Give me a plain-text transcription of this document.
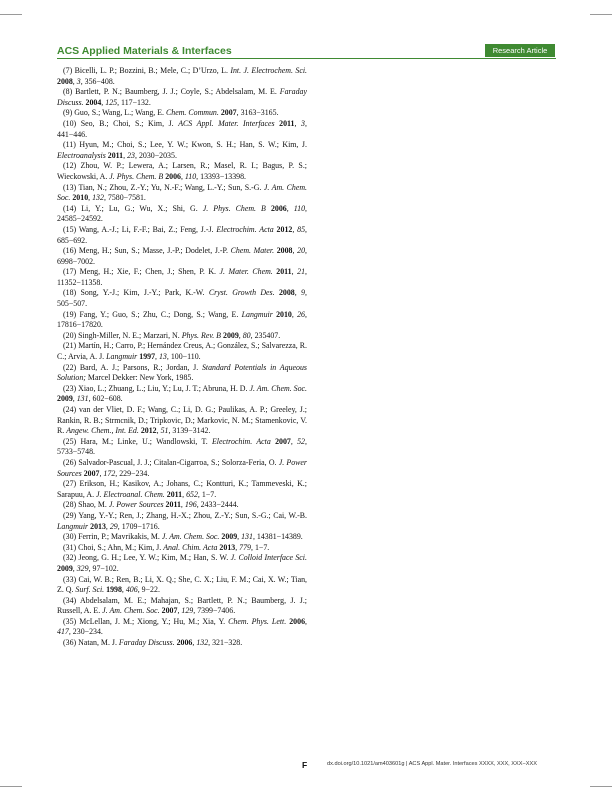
ACS Applied Materials & Interfaces	Research Article
(7) Bicelli, L. P.; Bozzini, B.; Mele, C.; D’Urzo, L. Int. J. Electrochem. Sci. 2008, 3, 356−408.
(8) Bartlett, P. N.; Baumberg, J. J.; Coyle, S.; Abdelsalam, M. E. Faraday Discuss. 2004, 125, 117−132.
(9) Guo, S.; Wang, L.; Wang, E. Chem. Commun. 2007, 3163−3165.
(10) Seo, B.; Choi, S.; Kim, J. ACS Appl. Mater. Interfaces 2011, 3, 441−446.
(11) Hyun, M.; Choi, S.; Lee, Y. W.; Kwon, S. H.; Han, S. W.; Kim, J. Electroanalysis 2011, 23, 2030−2035.
(12) Zhou, W. P.; Lewera, A.; Larsen, R.; Masel, R. I.; Bagus, P. S.; Wieckowski, A. J. Phys. Chem. B 2006, 110, 13393−13398.
(13) Tian, N.; Zhou, Z.-Y.; Yu, N.-F.; Wang, L.-Y.; Sun, S.-G. J. Am. Chem. Soc. 2010, 132, 7580−7581.
(14) Li, Y.; Lu, G.; Wu, X.; Shi, G. J. Phys. Chem. B 2006, 110, 24585−24592.
(15) Wang, A.-J.; Li, F.-F.; Bai, Z.; Feng, J.-J. Electrochim. Acta 2012, 85, 685−692.
(16) Meng, H.; Sun, S.; Masse, J.-P.; Dodelet, J.-P. Chem. Mater. 2008, 20, 6998−7002.
(17) Meng, H.; Xie, F.; Chen, J.; Shen, P. K. J. Mater. Chem. 2011, 21, 11352−11358.
(18) Song, Y.-J.; Kim, J.-Y.; Park, K.-W. Cryst. Growth Des. 2008, 9, 505−507.
(19) Fang, Y.; Guo, S.; Zhu, C.; Dong, S.; Wang, E. Langmuir 2010, 26, 17816−17820.
(20) Singh-Miller, N. E.; Marzari, N. Phys. Rev. B 2009, 80, 235407.
(21) Martín, H.; Carro, P.; Hernández Creus, A.; González, S.; Salvarezza, R. C.; Arvia, A. J. Langmuir 1997, 13, 100−110.
(22) Bard, A. J.; Parsons, R.; Jordan, J. Standard Potentials in Aqueous Solution; Marcel Dekker: New York, 1985.
(23) Xiao, L.; Zhuang, L.; Liu, Y.; Lu, J. T.; Abruna, H. D. J. Am. Chem. Soc. 2009, 131, 602−608.
(24) van der Vliet, D. F.; Wang, C.; Li, D. G.; Paulikas, A. P.; Greeley, J.; Rankin, R. B.; Strmcnik, D.; Tripkovic, D.; Markovic, N. M.; Stamenkovic, V. R. Angew. Chem., Int. Ed. 2012, 51, 3139−3142.
(25) Hara, M.; Linke, U.; Wandlowski, T. Electrochim. Acta 2007, 52, 5733−5748.
(26) Salvador-Pascual, J. J.; Citalan-Cigarroa, S.; Solorza-Feria, O. J. Power Sources 2007, 172, 229−234.
(27) Erikson, H.; Kasikov, A.; Johans, C.; Kontturi, K.; Tammeveski, K.; Sarapuu, A. J. Electroanal. Chem. 2011, 652, 1−7.
(28) Shao, M. J. Power Sources 2011, 196, 2433−2444.
(29) Yang, Y.-Y.; Ren, J.; Zhang, H.-X.; Zhou, Z.-Y.; Sun, S.-G.; Cai, W.-B. Langmuir 2013, 29, 1709−1716.
(30) Ferrin, P.; Mavrikakis, M. J. Am. Chem. Soc. 2009, 131, 14381−14389.
(31) Choi, S.; Ahn, M.; Kim, J. Anal. Chim. Acta 2013, 779, 1−7.
(32) Jeong, G. H.; Lee, Y. W.; Kim, M.; Han, S. W. J. Colloid Interface Sci. 2009, 329, 97−102.
(33) Cai, W. B.; Ren, B.; Li, X. Q.; She, C. X.; Liu, F. M.; Cai, X. W.; Tian, Z. Q. Surf. Sci. 1998, 406, 9−22.
(34) Abdelsalam, M. E.; Mahajan, S.; Bartlett, P. N.; Baumberg, J. J.; Russell, A. E. J. Am. Chem. Soc. 2007, 129, 7399−7406.
(35) McLellan, J. M.; Xiong, Y.; Hu, M.; Xia, Y. Chem. Phys. Lett. 2006, 417, 230−234.
(36) Natan, M. J. Faraday Discuss. 2006, 132, 321−328.
F	dx.doi.org/10.1021/am403601g | ACS Appl. Mater. Interfaces XXXX, XXX, XXX−XXX
